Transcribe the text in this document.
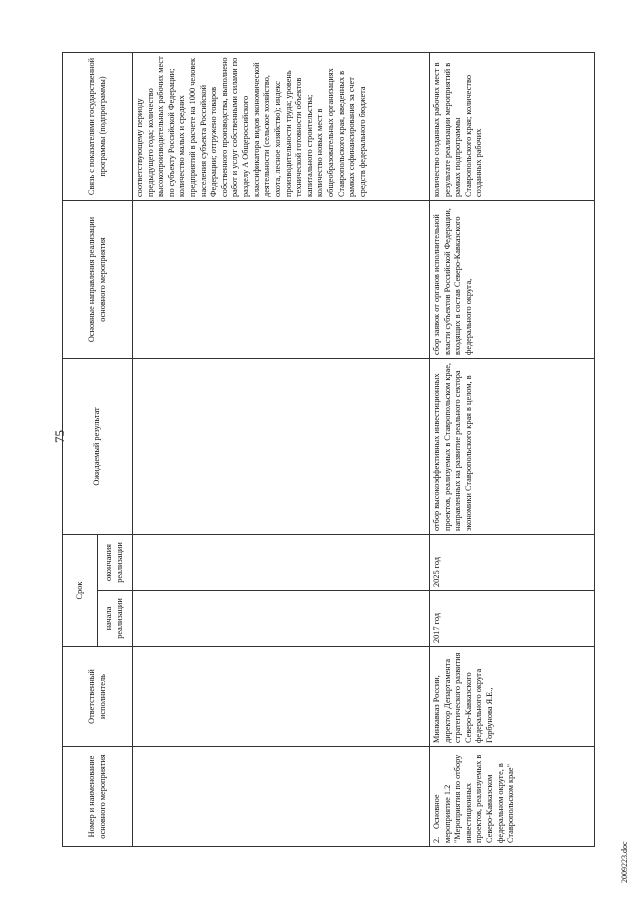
75
Номер и наименование основного мероприятия	Ответственный исполнитель	Срок		Ожидаемый результат	Основные направления реализации основного мероприятия	Связь с показателями государственной программы (подпрограммы)
		начала реализации	окончания реализации			
						соответствующему периоду предыдущего года; количество высокопроизводительных рабочих мест по субъекту Российской Федерации; количество малых и средних предприятий в расчете на 1000 человек населения субъекта Российской Федерации; отгружено товаров собственного производства, выполнено работ и услуг собственными силами по разделу А Общероссийского классификатора видов экономической деятельности (сельское хозяйство, охота, лесное хозяйство); индекс производительности труда; уровень технической готовности объектов капитального строительства; количество новых мест в общеобразовательных организациях Ставропольского края, введенных в рамках софинансирования за счет средств федерального бюджета
2.Основное мероприятие 1.2 "Мероприятия по отбору инвестиционных проектов, реализуемых в Северо-Кавказском федеральном округе, в Ставропольском крае"	Минкавказ России, директор Департамента стратегического развития Северо-Кавказского федерального округа Горбунова Я.Е.,	2017 год	2025 год	отбор высокоэффективных инвестиционных проектов, реализуемых в Ставропольском крае, направленных на развитие реального сектора экономики Ставропольского края в целом, в	сбор заявок от органов исполнительной власти субъектов Российской Федерации, входящих в состав Северо-Кавказского федерального округа,	количество созданных рабочих мест в результате реализации мероприятий в рамках подпрограммы Ставропольского края; количество созданных рабочих
2009223.doc
